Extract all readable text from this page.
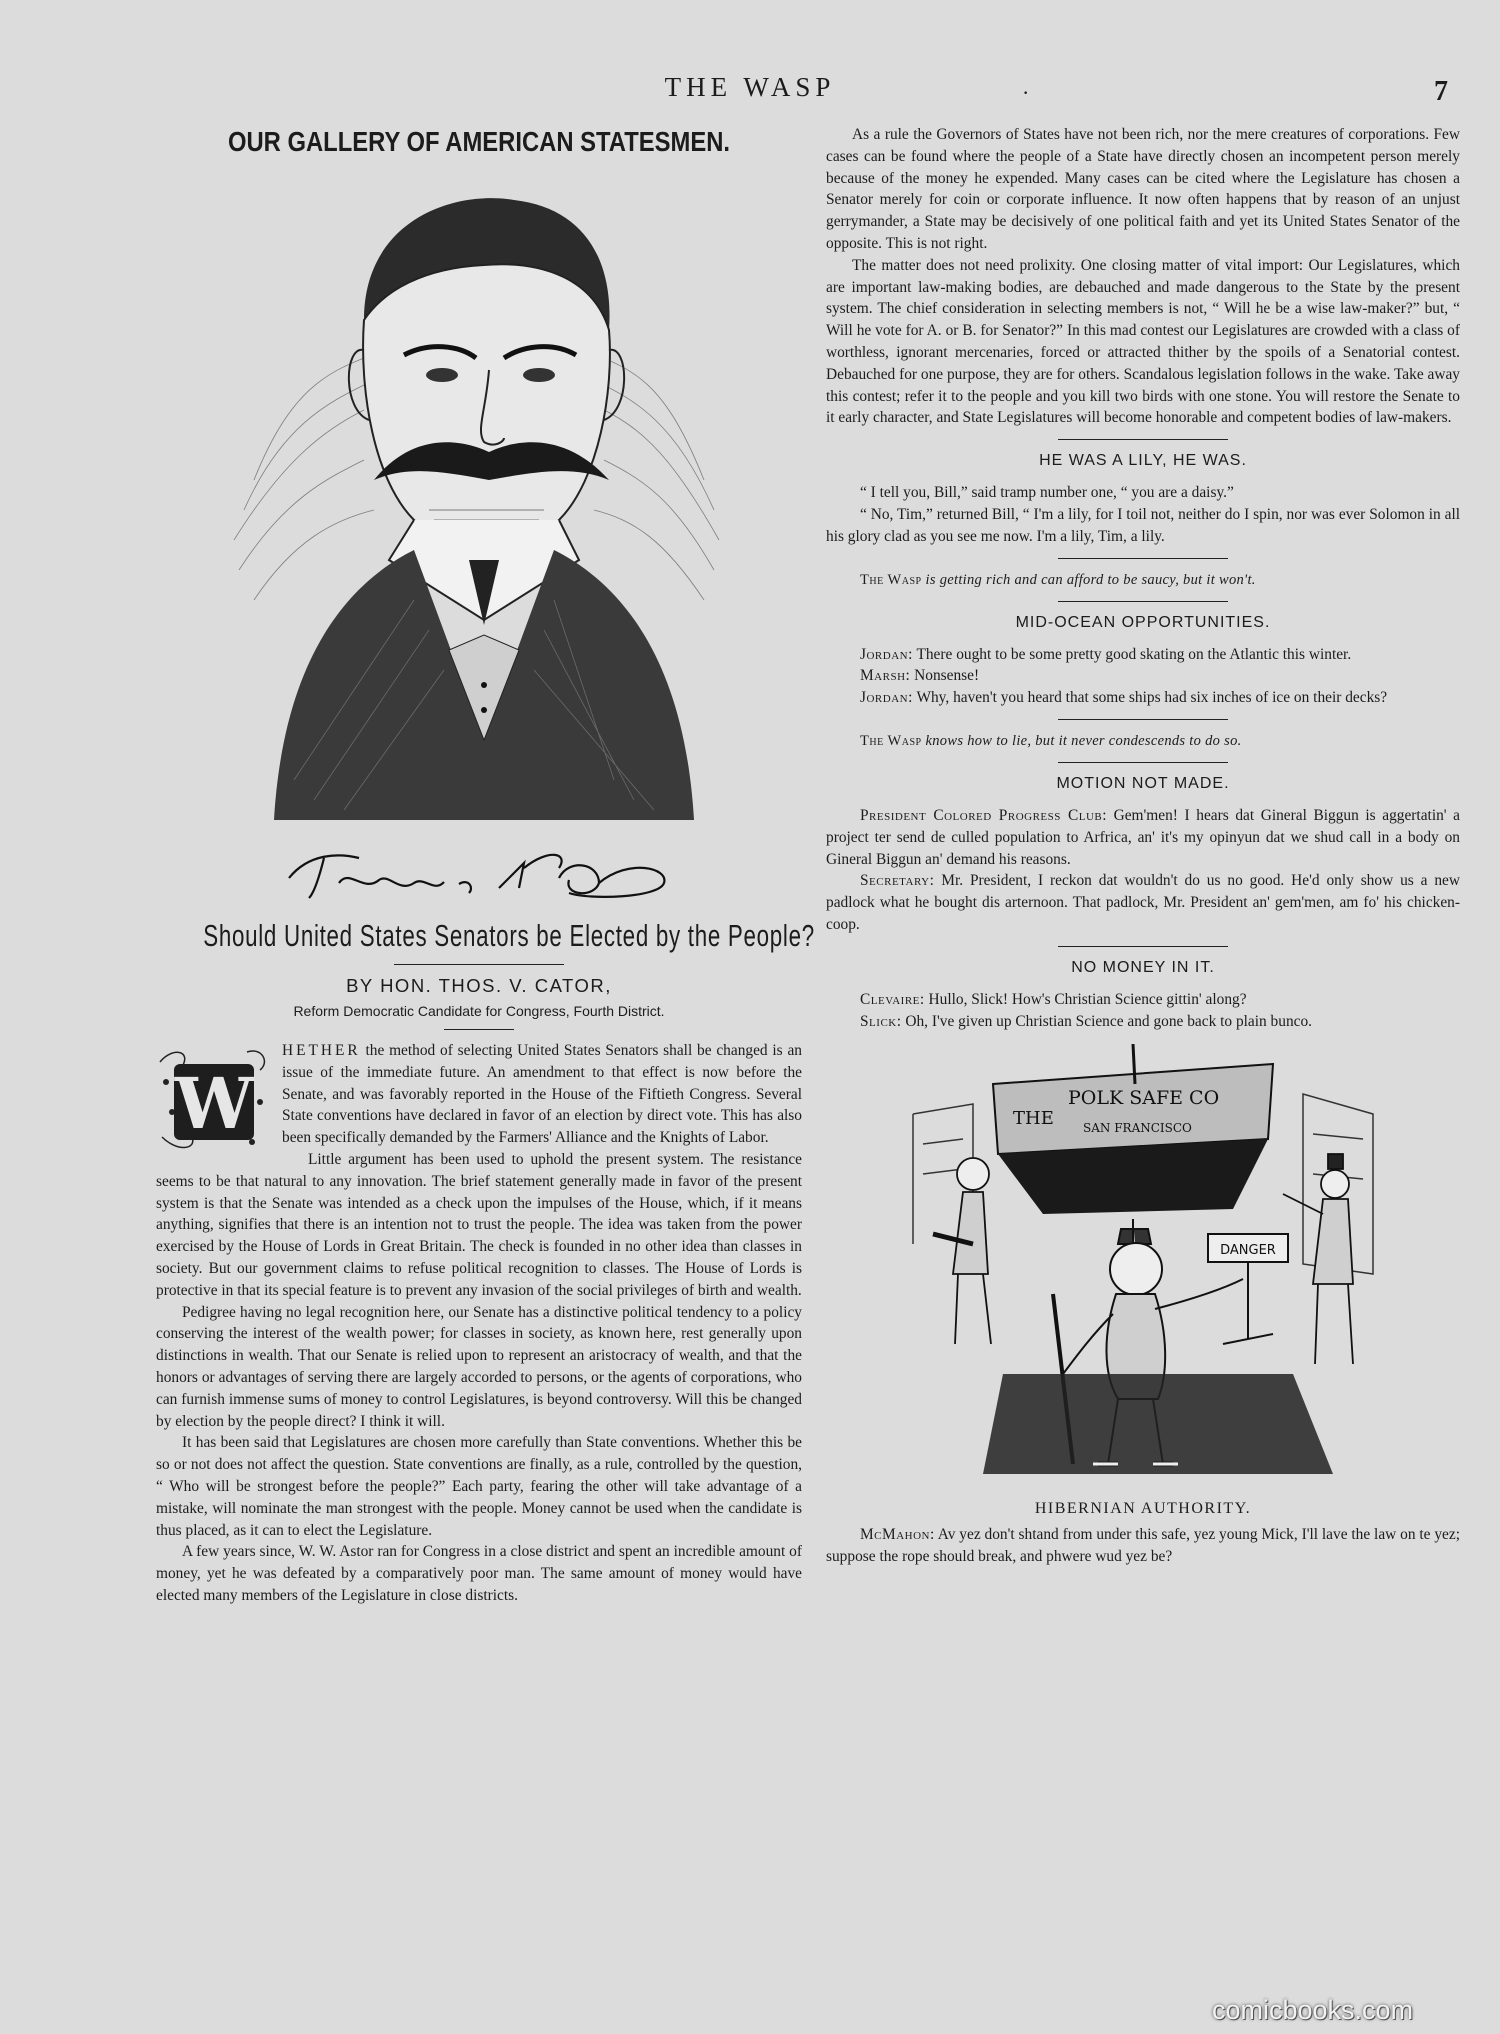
THE WASP	·	7
OUR GALLERY OF AMERICAN STATESMEN.
Should United States Senators be Elected by the People?
BY HON. THOS. V. CATOR,
Reform Democratic Candidate for Congress, Fourth District.
W

HETHER the method of selecting United States Senators shall be changed is an issue of the immediate future. An amendment to that effect is now before the Senate, and was favorably reported in the House of the Fiftieth Congress. Several State conventions have declared in favor of an election by direct vote. This has also been specifically demanded by the Farmers' Alliance and the Knights of Labor.

Little argument has been used to uphold the present system. The resistance seems to be that natural to any innovation. The brief statement generally made in favor of the present system is that the Senate was intended as a check upon the impulses of the House, which, if it means anything, signifies that there is an intention not to trust the people. The idea was taken from the power exercised by the House of Lords in Great Britain. The check is founded in no other idea than classes in society. But our government claims to refuse political recognition to classes. The House of Lords is protective in that its special feature is to prevent any invasion of the social privileges of birth and wealth.

Pedigree having no legal recognition here, our Senate has a distinctive political tendency to a policy conserving the interest of the wealth power; for classes in society, as known here, rest generally upon distinctions in wealth. That our Senate is relied upon to represent an aristocracy of wealth, and that the honors or advantages of serving there are largely accorded to persons, or the agents of corporations, who can furnish immense sums of money to control Legislatures, is beyond controversy. Will this be changed by election by the people direct? I think it will.

It has been said that Legislatures are chosen more carefully than State conventions. Whether this be so or not does not affect the question. State conventions are finally, as a rule, controlled by the question, “ Who will be strongest before the people?” Each party, fearing the other will take advantage of a mistake, will nominate the man strongest with the people. Money cannot be used when the candidate is thus placed, as it can to elect the Legislature.

A few years since, W. W. Astor ran for Congress in a close district and spent an incredible amount of money, yet he was defeated by a comparatively poor man. The same amount of money would have elected many members of the Legislature in close districts.

As a rule the Governors of States have not been rich, nor the mere creatures of corporations. Few cases can be found where the people of a State have directly chosen an incompetent person merely because of the money he expended. Many cases can be cited where the Legislature has chosen a Senator merely for coin or corporate influence. It now often happens that by reason of an unjust gerrymander, a State may be decisively of one political faith and yet its United States Senator of the opposite. This is not right.

The matter does not need prolixity. One closing matter of vital import: Our Legislatures, which are important law-making bodies, are debauched and made dangerous to the State by the present system. The chief consideration in selecting members is not, “ Will he be a wise law-maker?” but, “ Will he vote for A. or B. for Senator?” In this mad contest our Legislatures are crowded with a class of worthless, ignorant mercenaries, forced or attracted thither by the spoils of a Senatorial contest. Debauched for one purpose, they are for others. Scandalous legislation follows in the wake. Take away this contest; refer it to the people and you kill two birds with one stone. You will restore the Senate to it early character, and State Legislatures will become honorable and competent bodies of law-makers.

HE WAS A LILY, HE WAS.

“ I tell you, Bill,” said tramp number one, “ you are a daisy.”

“ No, Tim,” returned Bill, “ I'm a lily, for I toil not, neither do I spin, nor was ever Solomon in all his glory clad as you see me now. I'm a lily, Tim, a lily.

The Wasp is getting rich and can afford to be saucy, but it won't.

MID-OCEAN OPPORTUNITIES.

Jordan: There ought to be some pretty good skating on the Atlantic this winter.

Marsh: Nonsense!

Jordan: Why, haven't you heard that some ships had six inches of ice on their decks?

The Wasp knows how to lie, but it never condescends to do so.

MOTION NOT MADE.

President Colored Progress Club: Gem'men! I hears dat Gineral Biggun is aggertatin' a project ter send de culled population to Arfrica, an' it's my opinyun dat we shud call in a body on Gineral Biggun an' demand his reasons.

Secretary: Mr. President, I reckon dat wouldn't do us no good. He'd only show us a new padlock what he bought dis arternoon. That padlock, Mr. President an' gem'men, am fo' his chicken-coop.

NO MONEY IN IT.

Clevaire: Hullo, Slick! How's Christian Science gittin' along?

Slick: Oh, I've given up Christian Science and gone back to plain bunco.

THE
POLK SAFE CO
SAN FRANCISCO
DANGER
HIBERNIAN AUTHORITY.

McMahon: Av yez don't shtand from under this safe, yez young Mick, I'll lave the law on te yez; suppose the rope should break, and phwere wud yez be?

comicbooks.com
